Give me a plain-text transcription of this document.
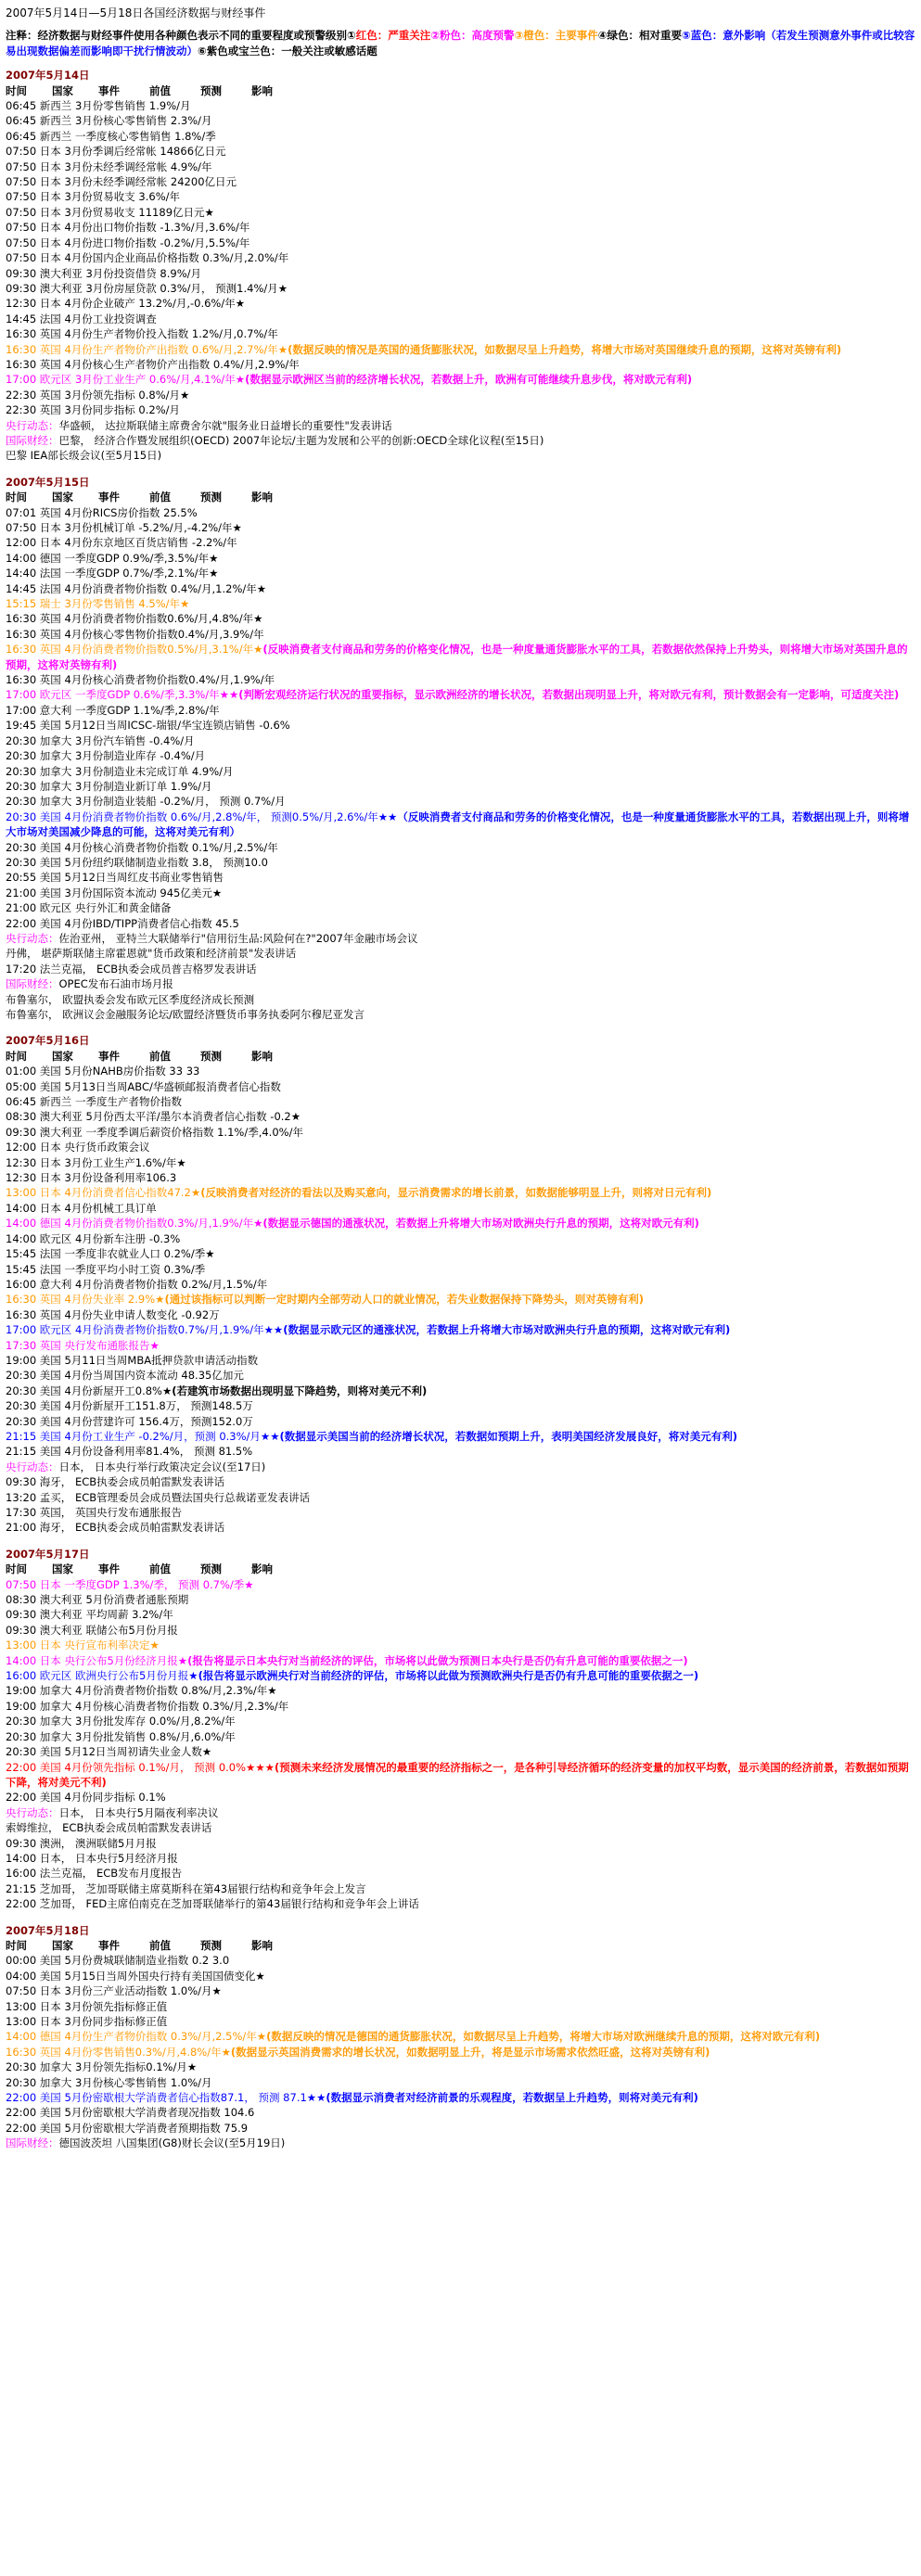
2007年5月14日—5月18日各国经济数据与财经事件
注释：经济数据与财经事件使用各种颜色表示不同的重要程度或预警级别①红色：严重关注②粉色：高度预警③橙色：主要事件④绿色：相对重要⑤蓝色：意外影响（若发生预测意外事件或比较容易出现数据偏差而影响即干扰行情波动）⑥紫色或宝兰色：一般关注或敏感话题
2007年5月14日
时间	国家	事件	前值	预测	影响
06:45 新西兰 3月份零售销售 1.9%/月
06:45 新西兰 3月份核心零售销售 2.3%/月
06:45 新西兰 一季度核心零售销售 1.8%/季
07:50 日本 3月份季调后经常帐 14866亿日元
07:50 日本 3月份未经季调经常帐 4.9%/年
07:50 日本 3月份未经季调经常帐 24200亿日元
07:50 日本 3月份贸易收支 3.6%/年
07:50 日本 3月份贸易收支 11189亿日元★
07:50 日本 4月份出口物价指数 -1.3%/月,3.6%/年
07:50 日本 4月份进口物价指数 -0.2%/月,5.5%/年
07:50 日本 4月份国内企业商品价格指数 0.3%/月,2.0%/年
09:30 澳大利亚 3月份投资借贷 8.9%/月
09:30 澳大利亚 3月份房屋贷款 0.3%/月， 预测1.4%/月★
12:30 日本 4月份企业破产 13.2%/月,-0.6%/年★
14:45 法国 4月份工业投资调查
16:30 英国 4月份生产者物价投入指数 1.2%/月,0.7%/年
16:30 英国 4月份生产者物价产出指数 0.6%/月,2.7%/年★(数据反映的情况是英国的通货膨胀状况，如数据尽呈上升趋势，将增大市场对英国继续升息的预期，这将对英镑有利)
16:30 英国 4月份核心生产者物价产出指数 0.4%/月,2.9%/年
17:00 欧元区 3月份工业生产 0.6%/月,4.1%/年★(数据显示欧洲区当前的经济增长状况，若数据上升，欧洲有可能继续升息步伐，将对欧元有利)
22:30 英国 3月份领先指标 0.8%/月★
22:30 英国 3月份同步指标 0.2%/月
央行动态：华盛顿， 达拉斯联储主席费舍尔就"服务业日益增长的重要性"发表讲话
国际财经：巴黎， 经济合作暨发展组织(OECD) 2007年论坛/主题为发展和公平的创新:OECD全球化议程(至15日)
巴黎 IEA部长级会议(至5月15日)
2007年5月15日
时间	国家	事件	前值	预测	影响
07:01 英国 4月份RICS房价指数 25.5%
07:50 日本 3月份机械订单 -5.2%/月,-4.2%/年★
12:00 日本 4月份东京地区百货店销售 -2.2%/年
14:00 德国 一季度GDP 0.9%/季,3.5%/年★
14:40 法国 一季度GDP 0.7%/季,2.1%/年★
14:45 法国 4月份消费者物价指数 0.4%/月,1.2%/年★
15:15 瑞士 3月份零售销售 4.5%/年★
16:30 英国 4月份消费者物价指数0.6%/月,4.8%/年★
16:30 英国 4月份核心零售物价指数0.4%/月,3.9%/年
16:30 英国 4月份消费者物价指数0.5%/月,3.1%/年★(反映消费者支付商品和劳务的价格变化情况，也是一种度量通货膨胀水平的工具，若数据依然保持上升势头，则将增大市场对英国升息的预期，这将对英镑有利)
16:30 英国 4月份核心消费者物价指数0.4%/月,1.9%/年
17:00 欧元区 一季度GDP 0.6%/季,3.3%/年★★(判断宏观经济运行状况的重要指标，显示欧洲经济的增长状况，若数据出现明显上升，将对欧元有利，预计数据会有一定影响，可适度关注)
17:00 意大利 一季度GDP 1.1%/季,2.8%/年
19:45 美国 5月12日当周ICSC-瑞银/华宝连锁店销售 -0.6%
20:30 加拿大 3月份汽车销售 -0.4%/月
20:30 加拿大 3月份制造业库存 -0.4%/月
20:30 加拿大 3月份制造业未完成订单 4.9%/月
20:30 加拿大 3月份制造业新订单 1.9%/月
20:30 加拿大 3月份制造业装船 -0.2%/月， 预测 0.7%/月
20:30 美国 4月份消费者物价指数 0.6%/月,2.8%/年， 预测0.5%/月,2.6%/年★★（反映消费者支付商品和劳务的价格变化情况，也是一种度量通货膨胀水平的工具，若数据出现上升，则将增大市场对美国减少降息的可能，这将对美元有利）
20:30 美国 4月份核心消费者物价指数 0.1%/月,2.5%/年
20:30 美国 5月份纽约联储制造业指数 3.8， 预测10.0
20:55 美国 5月12日当周红皮书商业零售销售
21:00 美国 3月份国际资本流动 945亿美元★
21:00 欧元区 央行外汇和黄金储备
22:00 美国 4月份IBD/TIPP消费者信心指数 45.5
央行动态：佐治亚州， 亚特兰大联储举行"信用衍生品:风险何在?"2007年金融市场会议
丹佛， 堪萨斯联储主席霍恩就"货币政策和经济前景"发表讲话
17:20 法兰克福， ECB执委会成员普吉格罗发表讲话
国际财经：OPEC发布石油市场月报
布鲁塞尔， 欧盟执委会发布欧元区季度经济成长预测
布鲁塞尔， 欧洲议会金融服务论坛/欧盟经济暨货币事务执委阿尔穆尼亚发言
2007年5月16日
时间	国家	事件	前值	预测	影响
01:00 美国 5月份NAHB房价指数 33 33
05:00 美国 5月13日当周ABC/华盛顿邮报消费者信心指数
06:45 新西兰 一季度生产者物价指数
08:30 澳大利亚 5月份西太平洋/墨尔本消费者信心指数 -0.2★
09:30 澳大利亚 一季度季调后薪资价格指数 1.1%/季,4.0%/年
12:00 日本 央行货币政策会议
12:30 日本 3月份工业生产1.6%/年★
12:30 日本 3月份设备利用率106.3
13:00 日本 4月份消费者信心指数47.2★(反映消费者对经济的看法以及购买意向，显示消费需求的增长前景，如数据能够明显上升，则将对日元有利)
14:00 日本 4月份机械工具订单
14:00 德国 4月份消费者物价指数0.3%/月,1.9%/年★(数据显示德国的通涨状况，若数据上升将增大市场对欧洲央行升息的预期，这将对欧元有利)
14:00 欧元区 4月份新车注册 -0.3%
15:45 法国 一季度非农就业人口 0.2%/季★
15:45 法国 一季度平均小时工资 0.3%/季
16:00 意大利 4月份消费者物价指数 0.2%/月,1.5%/年
16:30 英国 4月份失业率 2.9%★(通过该指标可以判断一定时期内全部劳动人口的就业情况，若失业数据保持下降势头，则对英镑有利)
16:30 英国 4月份失业申请人数变化 -0.92万
17:00 欧元区 4月份消费者物价指数0.7%/月,1.9%/年★★(数据显示欧元区的通涨状况，若数据上升将增大市场对欧洲央行升息的预期，这将对欧元有利)
17:30 英国 央行发布通胀报告★
19:00 美国 5月11日当周MBA抵押贷款申请活动指数
20:30 美国 4月份当周国内资本流动 48.35亿加元
20:30 美国 4月份新屋开工0.8%★(若建筑市场数据出现明显下降趋势，则将对美元不利)
20:30 美国 4月份新屋开工151.8万， 预测148.5万
20:30 美国 4月份营建许可 156.4万，预测152.0万
21:15 美国 4月份工业生产 -0.2%/月，预测 0.3%/月★★(数据显示美国当前的经济增长状况，若数据如预期上升，表明美国经济发展良好，将对美元有利)
21:15 美国 4月份设备利用率81.4%， 预测 81.5%
央行动态：日本， 日本央行举行政策决定会议(至17日)
09:30 海牙， ECB执委会成员帕雷默发表讲话
13:20 孟买， ECB管理委员会成员暨法国央行总裁诺亚发表讲话
17:30 英国， 英国央行发布通胀报告
21:00 海牙， ECB执委会成员帕雷默发表讲话
2007年5月17日
时间	国家	事件	前值	预测	影响
07:50 日本 一季度GDP 1.3%/季， 预测 0.7%/季★
08:30 澳大利亚 5月份消费者通胀预期
09:30 澳大利亚 平均周薪 3.2%/年
09:30 澳大利亚 联储公布5月份月报
13:00 日本 央行宣布利率决定★
14:00 日本 央行公布5月份经济月报★(报告将显示日本央行对当前经济的评估，市场将以此做为预测日本央行是否仍有升息可能的重要依据之一)
16:00 欧元区 欧洲央行公布5月份月报★(报告将显示欧洲央行对当前经济的评估，市场将以此做为预测欧洲央行是否仍有升息可能的重要依据之一)
19:00 加拿大 4月份消费者物价指数 0.8%/月,2.3%/年★
19:00 加拿大 4月份核心消费者物价指数 0.3%/月,2.3%/年
20:30 加拿大 3月份批发库存 0.0%/月,8.2%/年
20:30 加拿大 3月份批发销售 0.8%/月,6.0%/年
20:30 美国 5月12日当周初请失业金人数★
22:00 美国 4月份领先指标 0.1%/月， 预测 0.0%★★★(预测未来经济发展情况的最重要的经济指标之一，是各种引导经济循环的经济变量的加权平均数，显示美国的经济前景，若数据如预期下降，将对美元不利)
22:00 美国 4月份同步指标 0.1%
央行动态：日本， 日本央行5月隔夜利率决议
索姆维拉， ECB执委会成员帕雷默发表讲话
09:30 澳洲， 澳洲联储5月月报
14:00 日本， 日本央行5月经济月报
16:00 法兰克福， ECB发布月度报告
21:15 芝加哥， 芝加哥联储主席莫斯科在第43届银行结构和竞争年会上发言
22:00 芝加哥， FED主席伯南克在芝加哥联储举行的第43届银行结构和竞争年会上讲话
2007年5月18日
时间	国家	事件	前值	预测	影响
00:00 美国 5月份费城联储制造业指数 0.2 3.0
04:00 美国 5月15日当周外国央行持有美国国债变化★
07:50 日本 3月份三产业活动指数 1.0%/月★
13:00 日本 3月份领先指标修正值
13:00 日本 3月份同步指标修正值
14:00 德国 4月份生产者物价指数 0.3%/月,2.5%/年★(数据反映的情况是德国的通货膨胀状况，如数据尽呈上升趋势，将增大市场对欧洲继续升息的预期，这将对欧元有利)
16:30 英国 4月份零售销售0.3%/月,4.8%/年★(数据显示英国消费需求的增长状况，如数据明显上升，将是显示市场需求依然旺盛，这将对英镑有利)
20:30 加拿大 3月份领先指标0.1%/月★
20:30 加拿大 3月份核心零售销售 1.0%/月
22:00 美国 5月份密歇根大学消费者信心指数87.1， 预测 87.1★★(数据显示消费者对经济前景的乐观程度，若数据呈上升趋势，则将对美元有利)
22:00 美国 5月份密歇根大学消费者现况指数 104.6
22:00 美国 5月份密歇根大学消费者预期指数 75.9
国际财经：德国波茨坦 八国集团(G8)财长会议(至5月19日)
